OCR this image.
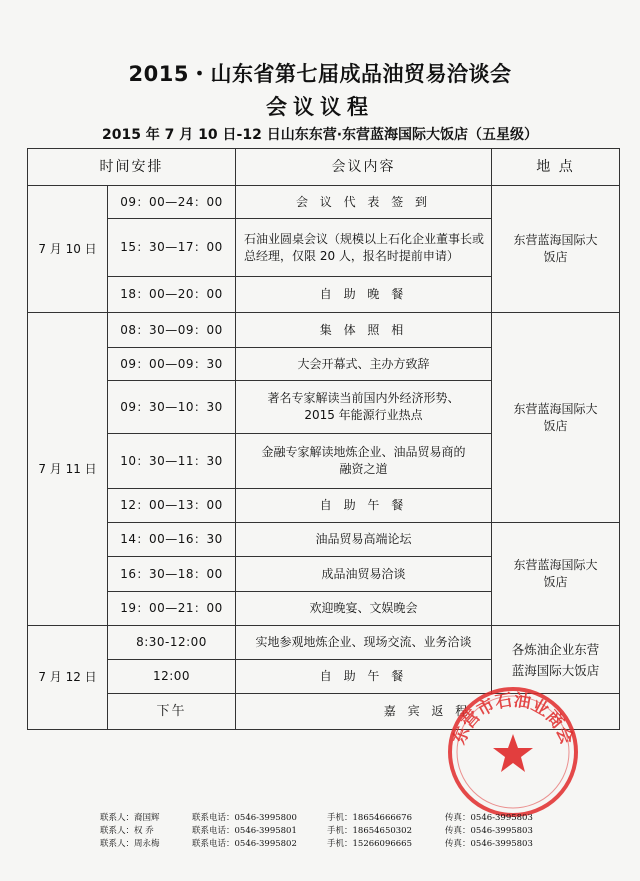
2015・山东省第七届成品油贸易洽谈会
会议议程
2015 年 7 月 10 日-12 日山东东营·东营蓝海国际大饭店（五星级）
时间安排		会议内容	地 点
7 月 10 日	09：00—24：00	会 议 代 表 签 到	东营蓝海国际大饭店

	15：30—17：00	石油业圆桌会议（规模以上石化企业董事长或总经理，仅限 20 人，报名时提前申请）	
	18：00—20：00	自 助 晚 餐	
7 月 11 日	08：30—09：00	集 体 照 相	东营蓝海国际大饭店

	09：00—09：30	大会开幕式、主办方致辞	
	09：30—10：30	著名专家解读当前国内外经济形势、2015 年能源行业热点	

	10：30—11：30	金融专家解读地炼企业、油品贸易商的融资之道	

	12：00—13：00	自 助 午 餐	
	14：00—16：30	油品贸易高端论坛	东营蓝海国际大饭店

	16：30—18：00	成品油贸易洽谈	
	19：00—21：00	欢迎晚宴、文娱晚会	
7 月 12 日	8:30-12:00	实地参观地炼企业、现场交流、业务洽谈	各炼油企业东营蓝海国际大饭店

	12:00	自 助 午 餐	
	下午	嘉 宾 返 程	
东营市石油业商会
联系人：裔国辉	联系电话：0546-3995800	手机：18654666676	传真：0546-3995803
联系人：权 乔	联系电话：0546-3995801	手机：18654650302	传真：0546-3995803
联系人：周永梅	联系电话：0546-3995802	手机：15266096665	传真：0546-3995803
